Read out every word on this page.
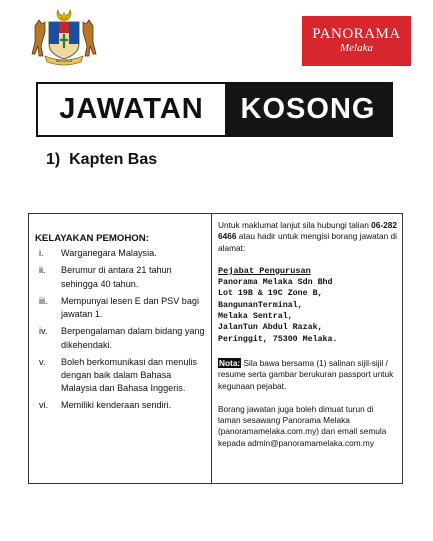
MELAKA
PANORAMA
Melaka
JAWATAN	KOSONG
1) Kapten Bas
KELAYAKAN PEMOHON:
i.	Warganegara Malaysia.
ii.	Berumur di antara 21 tahun sehingga 40 tahun.
iii.	Mempunyai lesen E dan PSV bagi jawatan 1.
iv.	Berpengalaman dalam bidang yang dikehendaki.
v.	Boleh berkomunikasi dan menulis dengan baik dalam Bahasa Malaysia dan Bahasa Inggeris.
vi.	Memiliki kenderaan sendiri.

Untuk maklumat lanjut sila hubungi talian 06-282 6466 atau hadir untuk mengisi borang jawatan di alamat:

Pejabat Pengurusan
Panorama Melaka Sdn Bhd
Lot 19B & 19C Zone B,
BangunanTerminal,
Melaka Sentral,
JalanTun Abdul Razak,
Peringgit, 75300 Melaka.

Nota: Sila bawa bersama (1) salinan sijil-sijil / resume serta gambar berukuran passport untuk kegunaan pejabat.

Borang jawatan juga boleh dimuat turun di laman sesawang Panorama Melaka (panoramamelaka.com.my) dan email semula kepada admin@panoramamelaka.com.my
